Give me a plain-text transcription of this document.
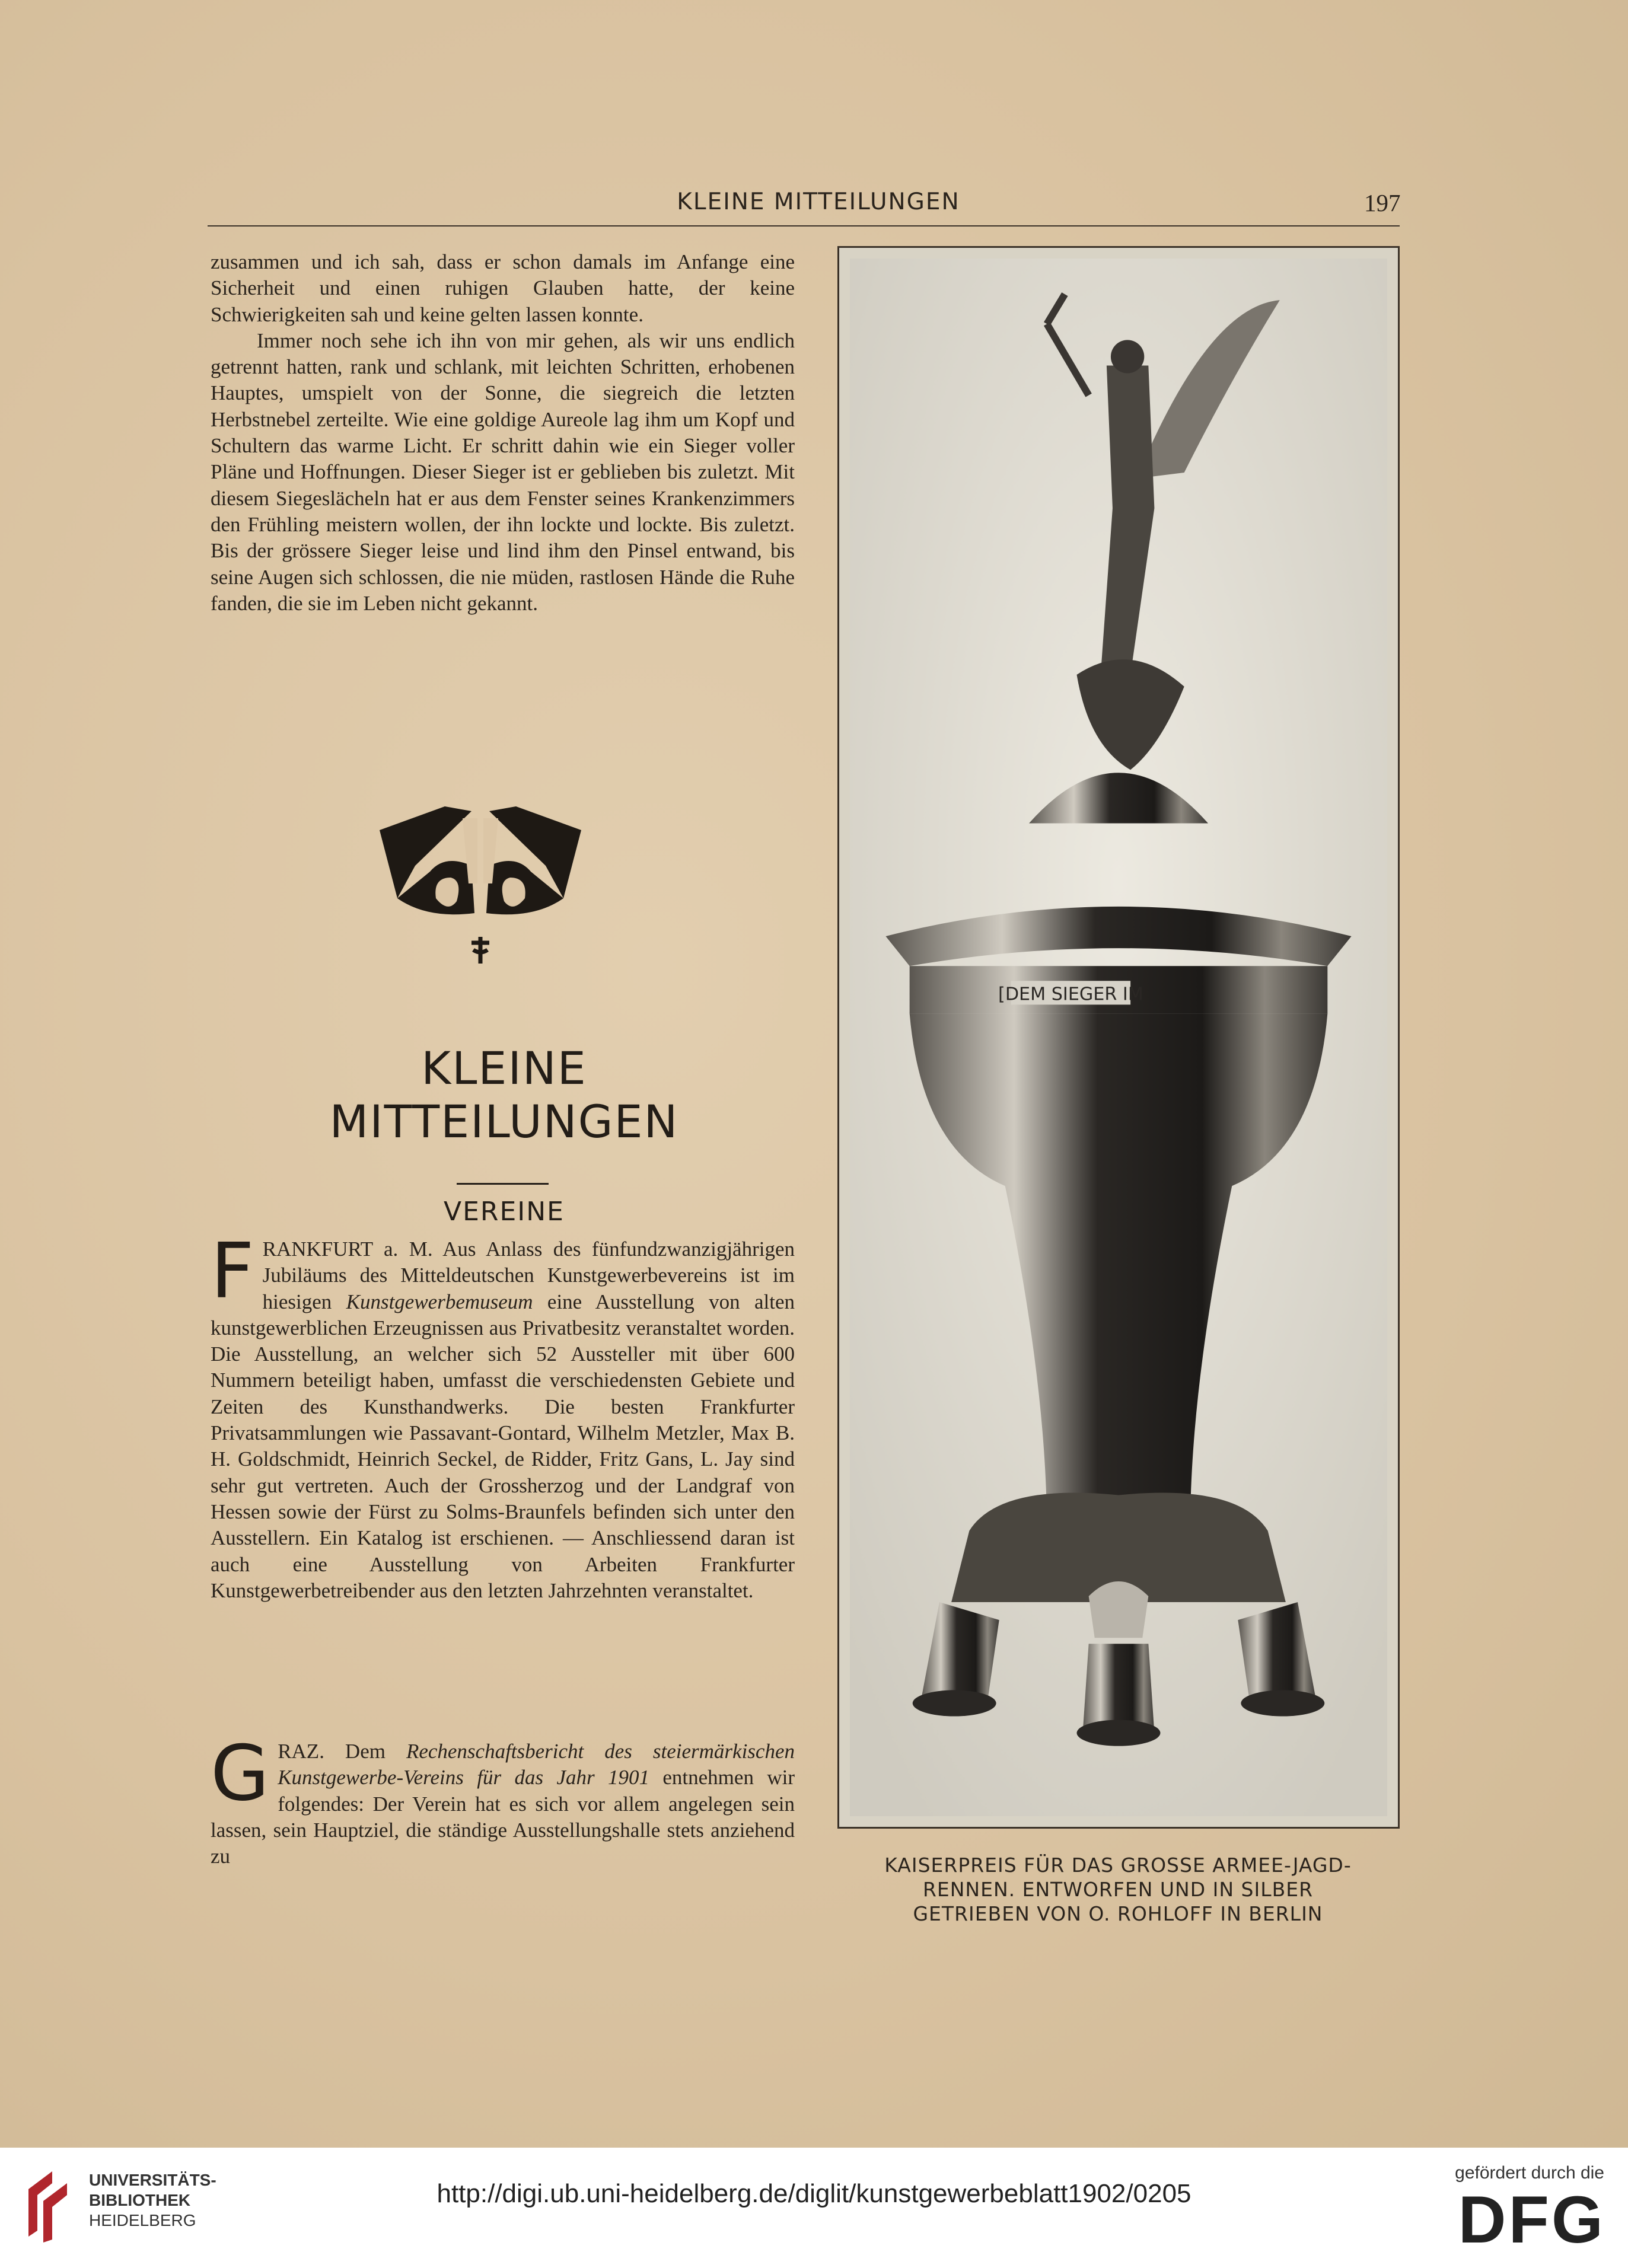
KLEINE MITTEILUNGEN	197

zusammen und ich sah, dass er schon damals im Anfange eine Sicherheit und einen ruhigen Glauben hatte, der keine Schwierigkeiten sah und keine gelten lassen konnte.

Immer noch sehe ich ihn von mir gehen, als wir uns endlich getrennt hatten, rank und schlank, mit leichten Schritten, erhobenen Hauptes, umspielt von der Sonne, die siegreich die letzten Herbstnebel zerteilte. Wie eine goldige Aureole lag ihm um Kopf und Schultern das warme Licht. Er schritt dahin wie ein Sieger voller Pläne und Hoffnungen. Dieser Sieger ist er geblieben bis zuletzt. Mit diesem Siegeslächeln hat er aus dem Fenster seines Krankenzimmers den Frühling meistern wollen, der ihn lockte und lockte. Bis zuletzt. Bis der grössere Sieger leise und lind ihm den Pinsel entwand, bis seine Augen sich schlossen, die nie müden, rastlosen Hände die Ruhe fanden, die sie im Leben nicht gekannt.

KLEINE
MITTEILUNGEN
VEREINE

FRANKFURT a. M. Aus Anlass des fünfundzwanzigjährigen Jubiläums des Mitteldeutschen Kunstgewerbevereins ist im hiesigen Kunstgewerbemuseum eine Ausstellung von alten kunstgewerblichen Erzeugnissen aus Privatbesitz veranstaltet worden. Die Ausstellung, an welcher sich 52 Aussteller mit über 600 Nummern beteiligt haben, umfasst die verschiedensten Gebiete und Zeiten des Kunsthandwerks. Die besten Frankfurter Privatsammlungen wie Passavant-Gontard, Wilhelm Metzler, Max B. H. Goldschmidt, Heinrich Seckel, de Ridder, Fritz Gans, L. Jay sind sehr gut vertreten. Auch der Grossherzog und der Landgraf von Hessen sowie der Fürst zu Solms-Braunfels befinden sich unter den Ausstellern. Ein Katalog ist erschienen. — Anschliessend daran ist auch eine Ausstellung von Arbeiten Frankfurter Kunstgewerbetreibender aus den letzten Jahrzehnten veranstaltet.

GRAZ. Dem Rechenschaftsbericht des steiermärkischen Kunstgewerbe-Vereins für das Jahr 1901 entnehmen wir folgendes: Der Verein hat es sich vor allem angelegen sein lassen, sein Hauptziel, die ständige Ausstellungshalle stets anziehend zu

[DEM SIEGER IM
KAISERPREIS FÜR DAS GROSSE ARMEE-JAGD-
RENNEN. ENTWORFEN UND IN SILBER
GETRIEBEN VON O. ROHLOFF IN BERLIN
UNIVERSITÄTS-
BIBLIOTHEK
HEIDELBERG
http://digi.ub.uni-heidelberg.de/diglit/kunstgewerbeblatt1902/0205
gefördert durch die
DFG
